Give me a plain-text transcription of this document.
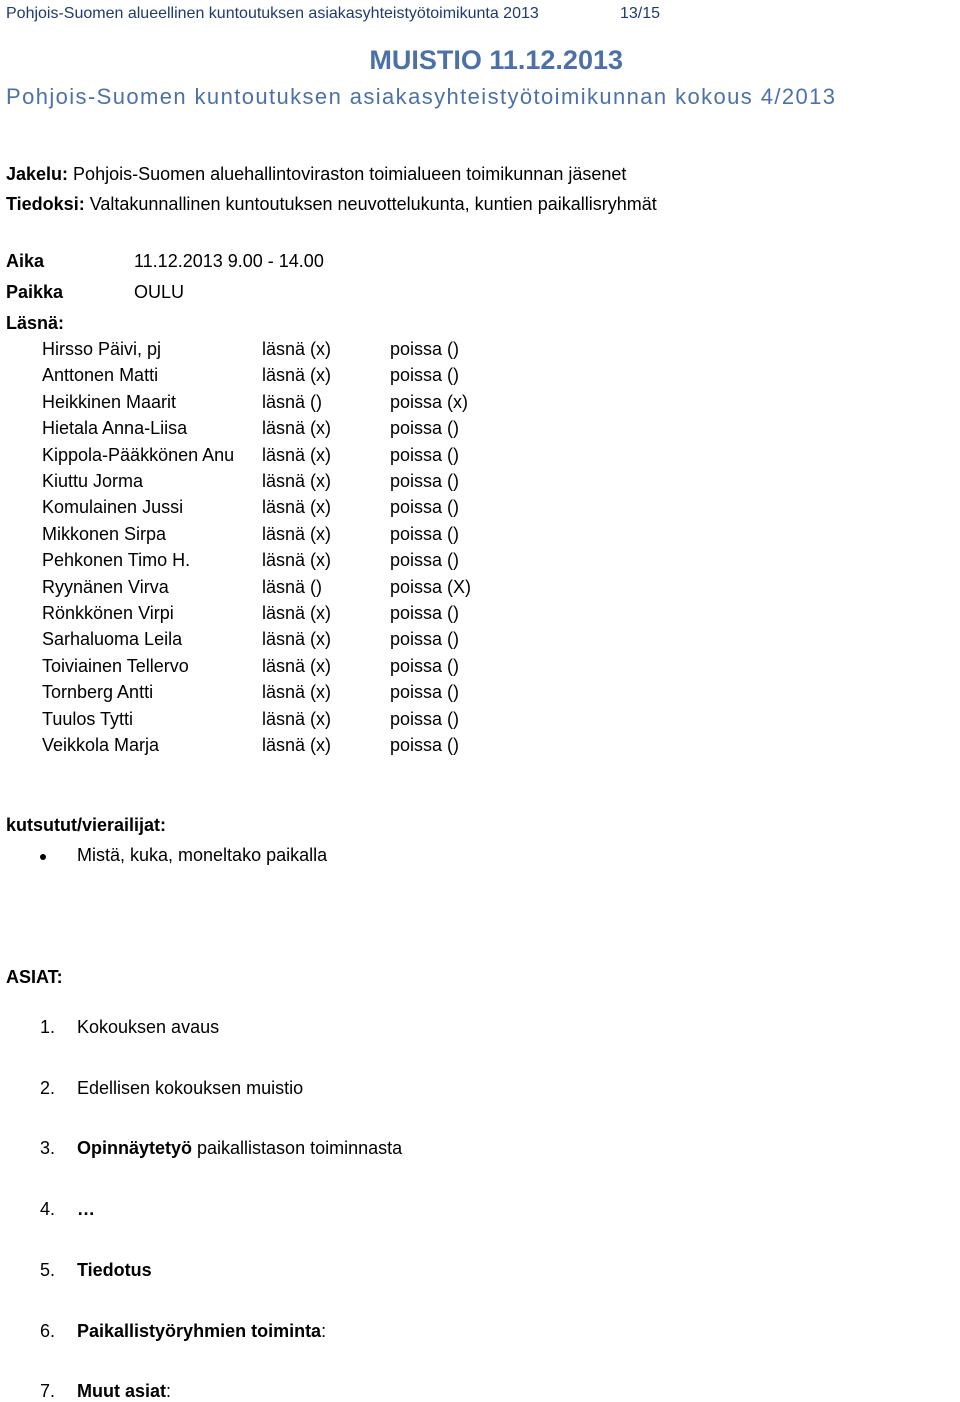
Pohjois-Suomen alueellinen kuntoutuksen asiakasyhteistyötoimikunta 2013	13/15
MUISTIO 11.12.2013
Pohjois-Suomen kuntoutuksen asiakasyhteistyötoimikunnan kokous 4/2013
Jakelu: Pohjois-Suomen aluehallintoviraston toimialueen toimikunnan jäsenet
Tiedoksi: Valtakunnallinen kuntoutuksen neuvottelukunta, kuntien paikallisryhmät
Aika	11.12.2013 9.00 - 14.00
Paikka	OULU
Läsnä:
Hirsso Päivi, pj	läsnä (x)	poissa ()
Anttonen Matti	läsnä (x)	poissa ()
Heikkinen Maarit	läsnä ()	poissa (x)
Hietala Anna-Liisa	läsnä (x)	poissa ()
Kippola-Pääkkönen Anu läsnä (x)	poissa ()
Kiuttu Jorma	läsnä (x)	poissa ()
Komulainen Jussi	läsnä (x)	poissa ()
Mikkonen Sirpa	läsnä (x)	poissa ()
Pehkonen Timo H.	läsnä (x)	poissa ()
Ryynänen Virva	läsnä ()	poissa (X)
Rönkkönen Virpi	läsnä (x)	poissa ()
Sarhaluoma Leila	läsnä (x)	poissa ()
Toiviainen Tellervo	läsnä (x)	poissa ()
Tornberg Antti	läsnä (x)	poissa ()
Tuulos Tytti	läsnä (x)	poissa ()
Veikkola Marja	läsnä (x)	poissa ()
kutsutut/vierailijat:
Mistä, kuka, moneltako paikalla
ASIAT:
1. Kokouksen avaus
2. Edellisen kokouksen muistio
3. Opinnäytetyö paikallistason toiminnasta
4. …
5. Tiedotus
6. Paikallistyöryhmien toiminta:
7. Muut asiat:
